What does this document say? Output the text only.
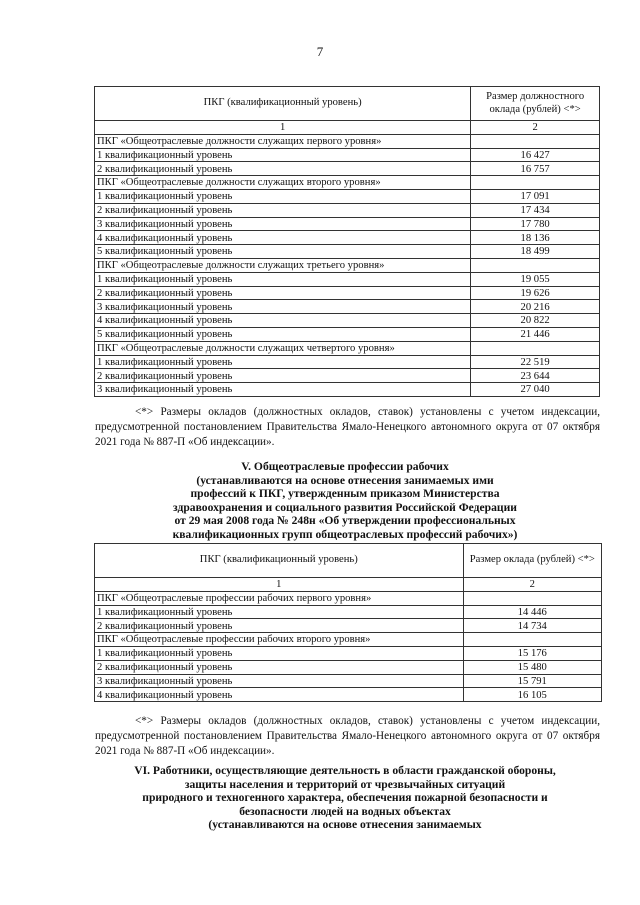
7
ПКГ (квалификационный уровень)	Размер должностного оклада (рублей) <*>
1	2
ПКГ «Общеотраслевые должности служащих первого уровня»	
1 квалификационный уровень	16 427
2 квалификационный уровень	16 757
ПКГ «Общеотраслевые должности служащих второго уровня»	
1 квалификационный уровень	17 091
2 квалификационный уровень	17 434
3 квалификационный уровень	17 780
4 квалификационный уровень	18 136
5 квалификационный уровень	18 499
ПКГ «Общеотраслевые должности служащих третьего уровня»	
1 квалификационный уровень	19 055
2 квалификационный уровень	19 626
3 квалификационный уровень	20 216
4 квалификационный уровень	20 822
5 квалификационный уровень	21 446
ПКГ «Общеотраслевые должности служащих четвертого уровня»	
1 квалификационный уровень	22 519
2 квалификационный уровень	23 644
3 квалификационный уровень	27 040
<*> Размеры окладов (должностных окладов, ставок) установлены с учетом индексации, предусмотренной постановлением Правительства Ямало-Ненецкого автономного округа от 07 октября 2021 года № 887-П «Об индексации».
V. Общеотраслевые профессии рабочих
(устанавливаются на основе отнесения занимаемых ими
профессий к ПКГ, утвержденным приказом Министерства
здравоохранения и социального развития Российской Федерации
от 29 мая 2008 года № 248н «Об утверждении профессиональных
квалификационных групп общеотраслевых профессий рабочих»)
ПКГ (квалификационный уровень)	Размер оклада (рублей) <*>
1	2
ПКГ «Общеотраслевые профессии рабочих первого уровня»	
1 квалификационный уровень	14 446
2 квалификационный уровень	14 734
ПКГ «Общеотраслевые профессии рабочих второго уровня»	
1 квалификационный уровень	15 176
2 квалификационный уровень	15 480
3 квалификационный уровень	15 791
4 квалификационный уровень	16 105
<*> Размеры окладов (должностных окладов, ставок) установлены с учетом индексации, предусмотренной постановлением Правительства Ямало-Ненецкого автономного округа от 07 октября 2021 года № 887-П «Об индексации».
VI. Работники, осуществляющие деятельность в области гражданской обороны,
защиты населения и территорий от чрезвычайных ситуаций
природного и техногенного характера, обеспечения пожарной безопасности и
безопасности людей на водных объектах
(устанавливаются на основе отнесения занимаемых
